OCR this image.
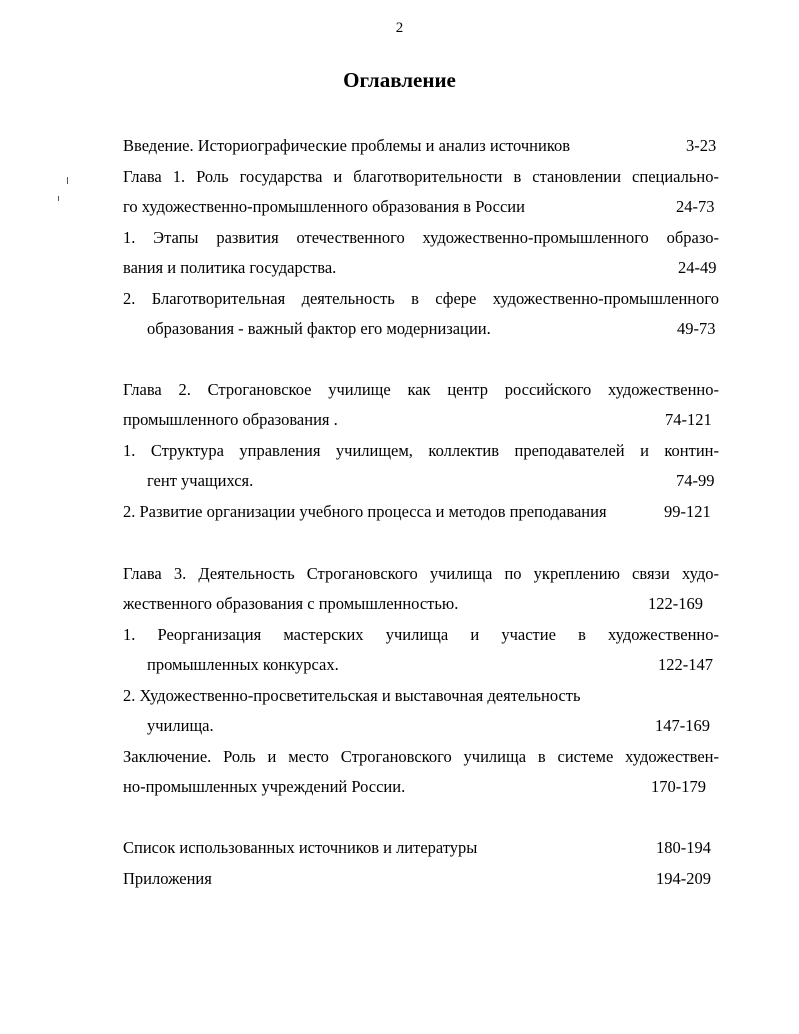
2
Оглавление
Введение. Историографические проблемы и анализ источников	3-23
Глава 1. Роль государства и благотворительности в становлении специально-
го художественно-промышленного образования в России	24-73
1. Этапы развития отечественного художественно-промышленного образо-
вания и политика государства.	24-49
2. Благотворительная деятельность в сфере художественно-промышленного
образования - важный фактор его модернизации.	49-73
Глава 2. Строгановское училище как центр российского художественно-
промышленного образования .	74-121
1. Структура управления училищем, коллектив преподавателей и контин-
гент учащихся.	74-99
2. Развитие организации учебного процесса и методов преподавания	99-121
Глава 3. Деятельность Строгановского училища по укреплению связи худо-
жественного образования с промышленностью.	122-169
1. Реорганизация мастерских училища и участие в художественно-
промышленных конкурсах.	122-147
2. Художественно-просветительская и выставочная деятельность
училища.	147-169
Заключение. Роль и место Строгановского училища в системе художествен-
но-промышленных учреждений России.	170-179
Список использованных источников и литературы	180-194
Приложения	194-209
